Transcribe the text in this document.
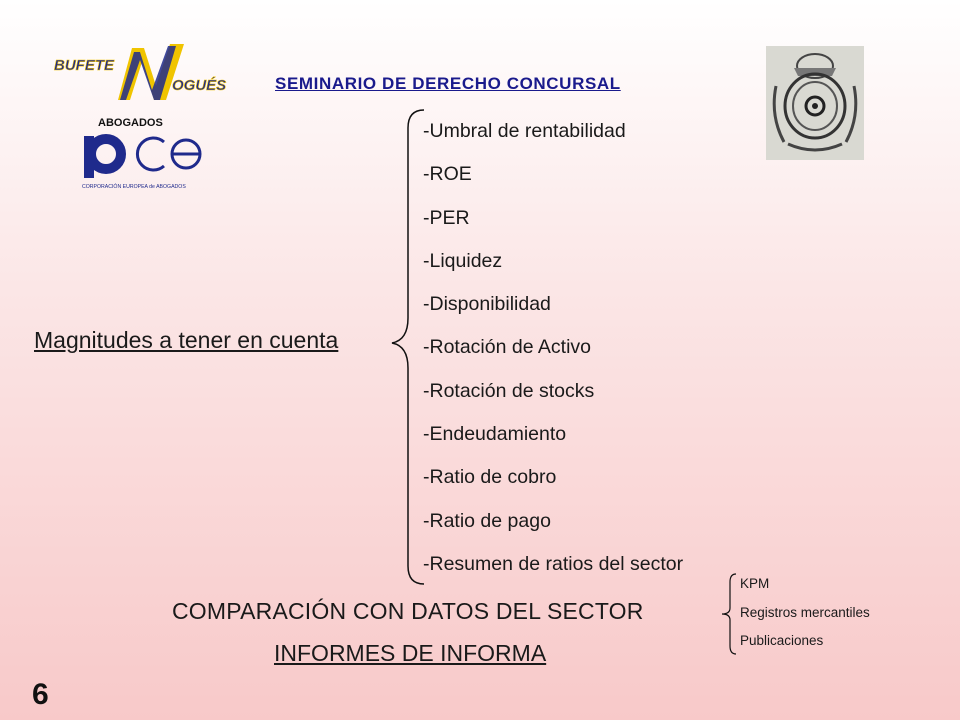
SEMINARIO DE DERECHO CONCURSAL
BUFETE
OGUÉS
ABOGADOS
CORPORACIÓN EUROPEA de ABOGADOS
Magnitudes a tener en cuenta
-Umbral de rentabilidad
-ROE
-PER
-Liquidez
-Disponibilidad
-Rotación de Activo
-Rotación de stocks
-Endeudamiento
-Ratio de cobro
-Ratio de pago
-Resumen de ratios del sector
COMPARACIÓN CON DATOS DEL SECTOR
KPM
Registros mercantiles
Publicaciones
INFORMES DE INFORMA
6
